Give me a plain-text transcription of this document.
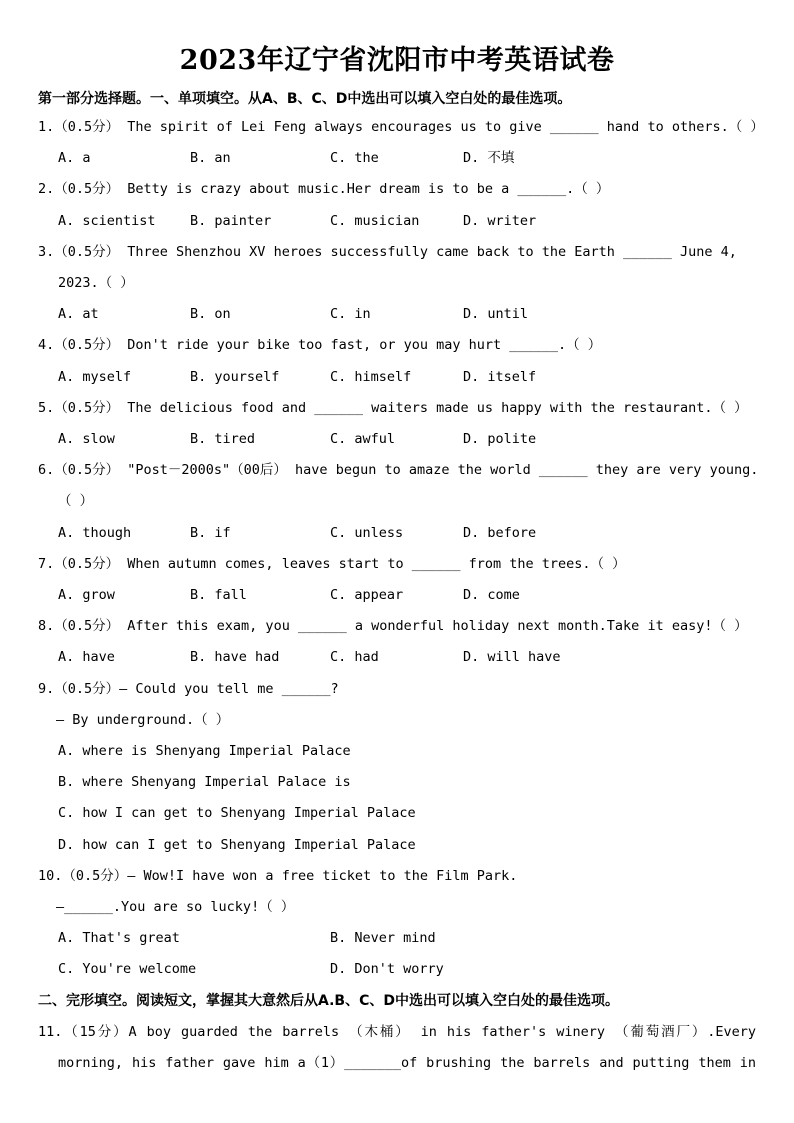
2023年辽宁省沈阳市中考英语试卷
第一部分选择题。一、单项填空。从A、B、C、D中选出可以填入空白处的最佳选项。
1.（0.5分） The spirit of Lei Feng always encourages us to give ______ hand to others.（ ）
A. a	B. an	C. the	D. 不填
2.（0.5分） Betty is crazy about music.Her dream is to be a ______.（ ）
A. scientist	B. painter	C. musician	D. writer
3.（0.5分） Three Shenzhou XV heroes successfully came back to the Earth ______ June 4,
2023.（ ）
A. at	B. on	C. in	D. until
4.（0.5分） Don't ride your bike too fast, or you may hurt ______.（ ）
A. myself	B. yourself	C. himself	D. itself
5.（0.5分） The delicious food and ______ waiters made us happy with the restaurant.（ ）
A. slow	B. tired	C. awful	D. polite
6.（0.5分） "Post－2000s"（00后） have begun to amaze the world ______ they are very young.
（ ）
A. though	B. if	C. unless	D. before
7.（0.5分） When autumn comes, leaves start to ______ from the trees.（ ）
A. grow	B. fall	C. appear	D. come
8.（0.5分） After this exam, you ______ a wonderful holiday next month.Take it easy!（ ）
A. have	B. have had	C. had	D. will have
9.（0.5分）— Could you tell me ______?
— By underground.（ ）
A. where is Shenyang Imperial Palace
B. where Shenyang Imperial Palace is
C. how I can get to Shenyang Imperial Palace
D. how can I get to Shenyang Imperial Palace
10.（0.5分）— Wow!I have won a free ticket to the Film Park.
—______.You are so lucky!（ ）
A. That's great	B. Never mind
C. You're welcome	D. Don't worry
二、完形填空。阅读短文，掌握其大意然后从A.B、C、D中选出可以填入空白处的最佳选项。
11.（15分）A boy guarded the barrels （木桶） in his father's winery （葡萄酒厂）.Every
morning, his father gave him a（1）_______of brushing the barrels and putting them in
